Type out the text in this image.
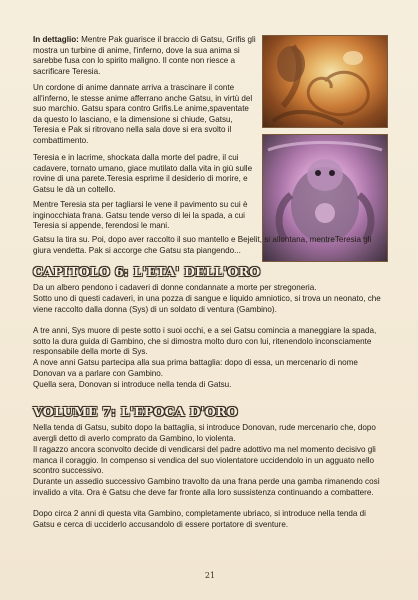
In dettaglio: Mentre Pak guarisce il braccio di Gatsu, Grifis gli mostra un turbine di anime, l'inferno, dove la sua anima si sarebbe fusa con lo spirito maligno. Il conte non riesce a sacrificare Teresia.

Un cordone di anime dannate arriva a trascinare il conte all'inferno, le stesse anime afferrano anche Gatsu, in virtù del suo marchio. Gatsu spara contro Grifis.Le anime,spaventate da questo lo lasciano, e la dimensione si chiude, Gatsu, Teresia e Pak si ritrovano nella sala dove si era svolto il combattimento.

Teresia e in lacrime, shockata dalla morte del padre, il cui cadavere, tornato umano, giace mutilato dalla vita in giù sulle rovine di una parete.Teresia esprime il desiderio di morire, e Gatsu le dà un coltello.

Mentre Teresia sta per tagliarsi le vene il pavimento su cui è inginocchiata frana. Gatsu tende verso di lei la spada, a cui Teresia si appende, ferendosi le mani.

Gatsu la tira su. Poi, dopo aver raccolto il suo mantello e Bejelit, si allontana, mentreTeresia gli giura vendetta. Pak si accorge che Gatsu sta piangendo...

CAPITOLO 6: L'ETA' DELL'ORO

Da un albero pendono i cadaveri di donne condannate a morte per stregoneria.

Sotto uno di questi cadaveri, in una pozza di sangue e liquido amniotico, si trova un neonato, che viene raccolto dalla donna (Sys) di un soldato di ventura (Gambino).

A tre anni, Sys muore di peste sotto i suoi occhi, e a sei Gatsu comincia a maneggiare la spada, sotto la dura guida di Gambino, che si dimostra molto duro con lui, ritenendolo inconsciamente responsabile della morte di Sys.

A nove anni Gatsu partecipa alla sua prima battaglia: dopo di essa, un mercenario di nome Donovan va a parlare con Gambino.

Quella sera, Donovan si introduce nella tenda di Gatsu.

VOLUME 7: L'EPOCA D'ORO

Nella tenda di Gatsu, subito dopo la battaglia, si introduce Donovan, rude mercenario che, dopo avergli detto di averlo comprato da Gambino, lo violenta.

Il ragazzo ancora sconvolto decide di vendicarsi del padre adottivo ma nel momento decisivo gli manca il coraggio. In compenso si vendica del suo violentatore uccidendolo in un agguato nello scontro successivo.

Durante un assedio successivo Gambino travolto da una frana perde una gamba rimanendo così invalido a vita. Ora è Gatsu che deve far fronte alla loro sussistenza continuando a combattere.

Dopo circa 2 anni di questa vita Gambino, completamente ubriaco, si introduce nella tenda di Gatsu e cerca di ucciderlo accusandolo di essere portatore di sventure.

21
